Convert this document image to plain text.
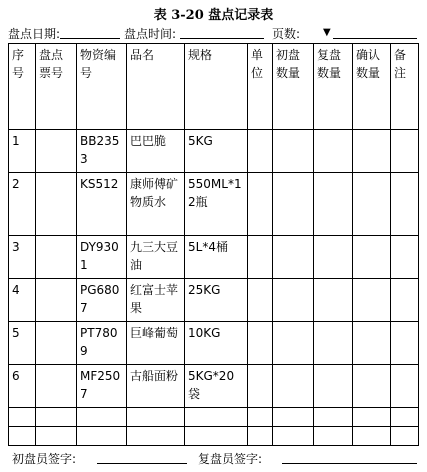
表 3-20 盘点记录表
盘点日期:	盘点时间:	页数: ▼
序号	盘点票号	物资编号	品名	规格	单位	初盘数量	复盘数量	确认数量	备注
1		BB2353	巴巴脆	5KG					
2		KS512	康师傅矿物质水	550ML*12瓶					
3		DY9301	九三大豆油	5L*4桶					
4		PG6807	红富士苹果	25KG					
5		PT7809	巨峰葡萄	10KG					
6		MF2507	古船面粉	5KG*20袋					

初盘员签字:	复盘员签字:
